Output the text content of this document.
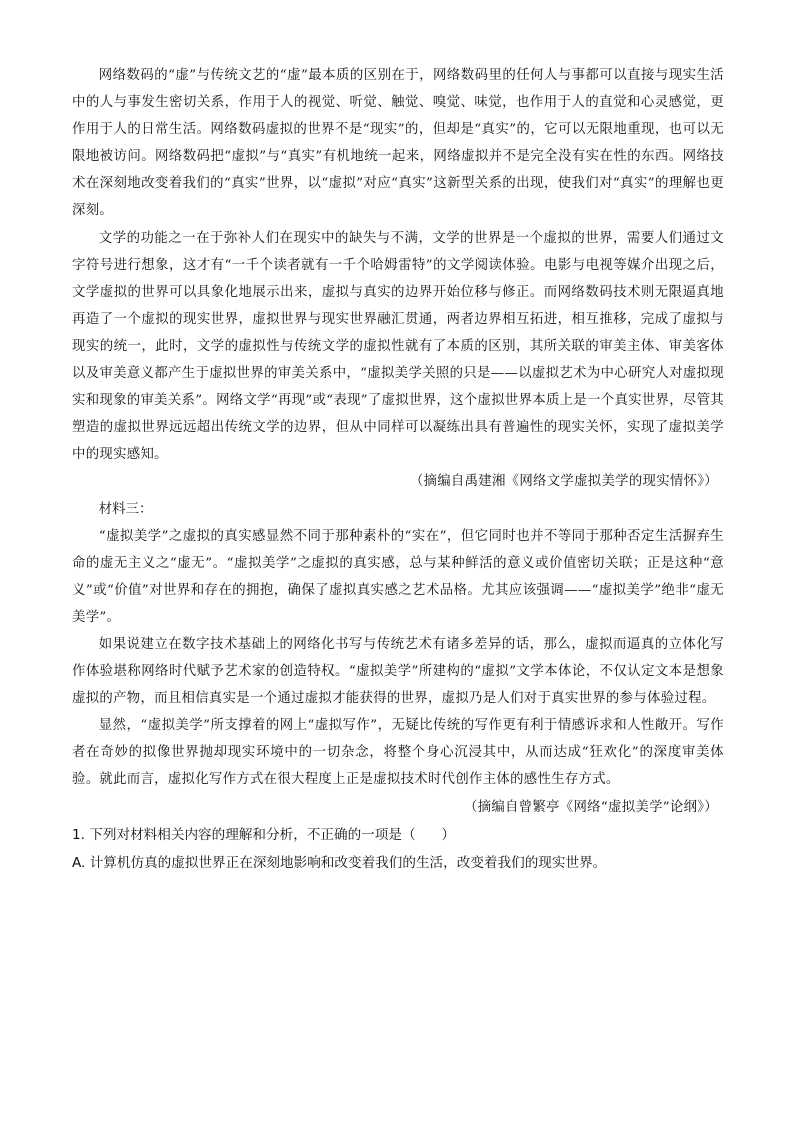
网络数码的“虚”与传统文艺的“虚”最本质的区别在于，网络数码里的任何人与事都可以直接与现实生活中的人与事发生密切关系，作用于人的视觉、听觉、触觉、嗅觉、味觉，也作用于人的直觉和心灵感觉，更作用于人的日常生活。网络数码虚拟的世界不是“现实”的，但却是“真实”的，它可以无限地重现，也可以无限地被访问。网络数码把“虚拟”与“真实”有机地统一起来，网络虚拟并不是完全没有实在性的东西。网络技术在深刻地改变着我们的“真实”世界，以“虚拟”对应“真实”这新型关系的出现，使我们对“真实”的理解也更深刻。

文学的功能之一在于弥补人们在现实中的缺失与不满，文学的世界是一个虚拟的世界，需要人们通过文字符号进行想象，这才有“一千个读者就有一千个哈姆雷特”的文学阅读体验。电影与电视等媒介出现之后，文学虚拟的世界可以具象化地展示出来，虚拟与真实的边界开始位移与修正。而网络数码技术则无限逼真地再造了一个虚拟的现实世界，虚拟世界与现实世界融汇贯通，两者边界相互拓进，相互推移，完成了虚拟与现实的统一，此时，文学的虚拟性与传统文学的虚拟性就有了本质的区别，其所关联的审美主体、审美客体以及审美意义都产生于虚拟世界的审美关系中，“虚拟美学关照的只是——以虚拟艺术为中心研究人对虚拟现实和现象的审美关系”。网络文学“再现”或“表现”了虚拟世界，这个虚拟世界本质上是一个真实世界，尽管其塑造的虚拟世界远远超出传统文学的边界，但从中同样可以凝练出具有普遍性的现实关怀，实现了虚拟美学中的现实感知。

（摘编自禹建湘《网络文学虚拟美学的现实情怀》）

材料三：

“虚拟美学”之虚拟的真实感显然不同于那种素朴的“实在”，但它同时也并不等同于那种否定生活摒弃生命的虚无主义之“虚无”。“虚拟美学”之虚拟的真实感，总与某种鲜活的意义或价值密切关联；正是这种“意义”或“价值”对世界和存在的拥抱，确保了虚拟真实感之艺术品格。尤其应该强调——“虚拟美学”绝非“虚无美学”。

如果说建立在数字技术基础上的网络化书写与传统艺术有诸多差异的话，那么，虚拟而逼真的立体化写作体验堪称网络时代赋予艺术家的创造特权。“虚拟美学”所建构的“虚拟”文学本体论，不仅认定文本是想象虚拟的产物，而且相信真实是一个通过虚拟才能获得的世界，虚拟乃是人们对于真实世界的参与体验过程。

显然，“虚拟美学”所支撑着的网上“虚拟写作”，无疑比传统的写作更有利于情感诉求和人性敞开。写作者在奇妙的拟像世界抛却现实环境中的一切杂念，将整个身心沉浸其中，从而达成“狂欢化”的深度审美体验。就此而言，虚拟化写作方式在很大程度上正是虚拟技术时代创作主体的感性生存方式。

（摘编自曾繁亭《网络“虚拟美学”论纲》）

1. 下列对材料相关内容的理解和分析，不正确的一项是（      ）

A. 计算机仿真的虚拟世界正在深刻地影响和改变着我们的生活，改变着我们的现实世界。
